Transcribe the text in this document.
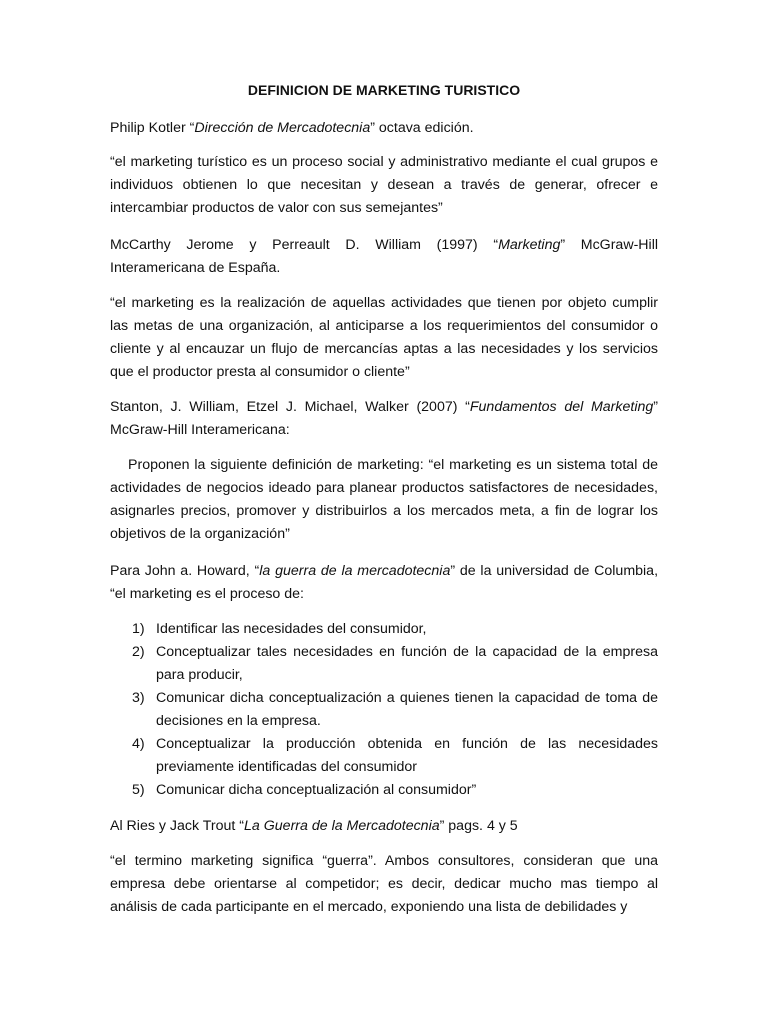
DEFINICION DE MARKETING TURISTICO

Philip Kotler “Dirección de Mercadotecnia” octava edición.

“el marketing turístico es un proceso social y administrativo mediante el cual grupos e individuos obtienen lo que necesitan y desean a través de generar, ofrecer e intercambiar productos de valor con sus semejantes”

McCarthy Jerome y Perreault D. William (1997) “Marketing” McGraw-Hill Interamericana de España.

“el marketing es la realización de aquellas actividades que tienen por objeto cumplir las metas de una organización, al anticiparse a los requerimientos del consumidor o cliente y al encauzar un flujo de mercancías aptas a las necesidades y los servicios que el productor presta al consumidor o cliente”

Stanton, J. William, Etzel J. Michael, Walker (2007) “Fundamentos del Marketing” McGraw-Hill Interamericana:

Proponen la siguiente definición de marketing: “el marketing es un sistema total de actividades de negocios ideado para planear productos satisfactores de necesidades, asignarles precios, promover y distribuirlos a los mercados meta, a fin de lograr los objetivos de la organización”

Para John a. Howard, “la guerra de la mercadotecnia” de la universidad de Columbia, “el marketing es el proceso de:

1) Identificar las necesidades del consumidor,
2) Conceptualizar tales necesidades en función de la capacidad de la empresa para producir,
3) Comunicar dicha conceptualización a quienes tienen la capacidad de toma de decisiones en la empresa.
4) Conceptualizar la producción obtenida en función de las necesidades previamente identificadas del consumidor
5) Comunicar dicha conceptualización al consumidor”

Al Ries y Jack Trout “La Guerra de la Mercadotecnia” pags. 4 y 5

“el termino marketing significa “guerra”. Ambos consultores, consideran que una empresa debe orientarse al competidor; es decir, dedicar mucho mas tiempo al análisis de cada participante en el mercado, exponiendo una lista de debilidades y
